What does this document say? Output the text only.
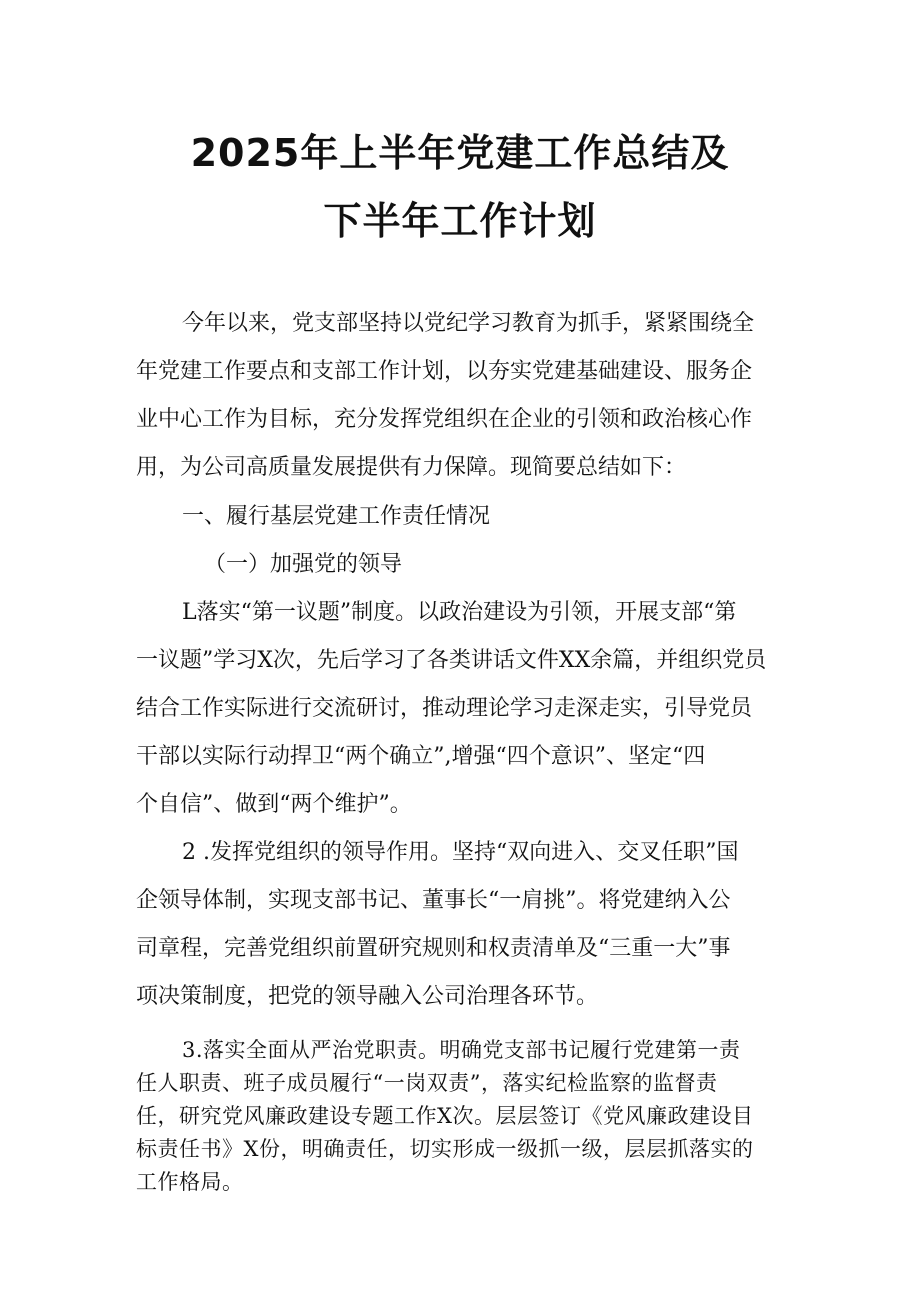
2025年上半年党建工作总结及
下半年工作计划
今年以来，党支部坚持以党纪学习教育为抓手，紧紧围绕全
年党建工作要点和支部工作计划，以夯实党建基础建设、服务企
业中心工作为目标，充分发挥党组织在企业的引领和政治核心作
用，为公司高质量发展提供有力保障。现简要总结如下：
一、履行基层党建工作责任情况
（一）加强党的领导
L落实“第一议题”制度。以政治建设为引领，开展支部“第
一议题”学习X次，先后学习了各类讲话文件XX余篇，并组织党员
结合工作实际进行交流研讨，推动理论学习走深走实，引导党员
干部以实际行动捍卫“两个确立”,增强“四个意识”、坚定“四
个自信”、做到“两个维护”。
2 .发挥党组织的领导作用。坚持“双向进入、交叉任职”国
企领导体制，实现支部书记、董事长“一肩挑”。将党建纳入公
司章程，完善党组织前置研究规则和权责清单及“三重一大”事
项决策制度，把党的领导融入公司治理各环节。
3.落实全面从严治党职责。明确党支部书记履行党建第一责
任人职责、班子成员履行“一岗双责”，落实纪检监察的监督责
任，研究党风廉政建设专题工作X次。层层签订《党风廉政建设目
标责任书》X份，明确责任，切实形成一级抓一级，层层抓落实的
工作格局。
